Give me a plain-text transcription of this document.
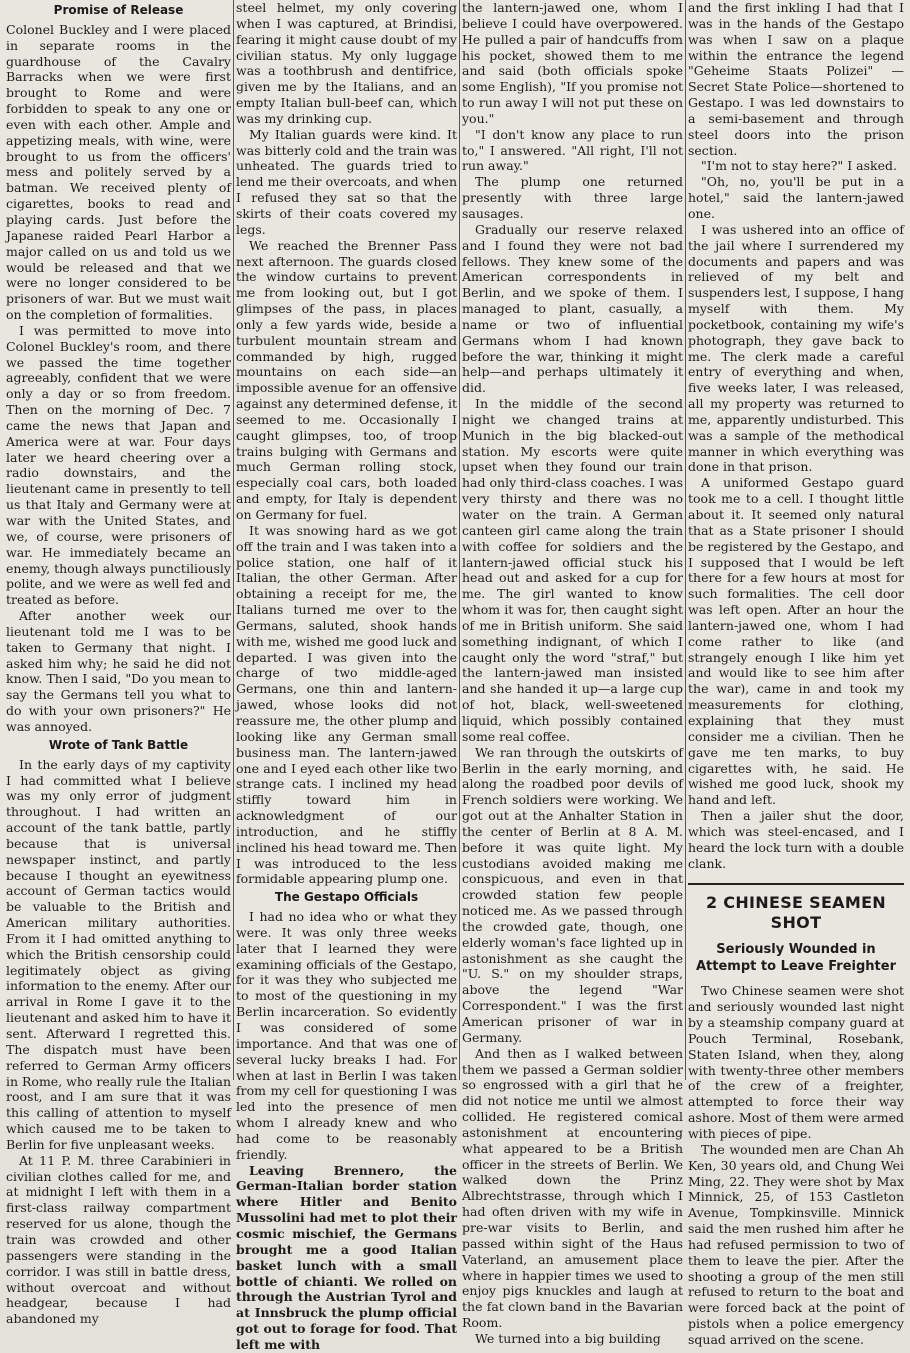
Promise of Release

Colonel Buckley and I were placed in separate rooms in the guardhouse of the Cavalry Barracks when we were first brought to Rome and were forbidden to speak to any one or even with each other. Ample and appetizing meals, with wine, were brought to us from the officers' mess and politely served by a batman. We received plenty of cigarettes, books to read and playing cards. Just before the Japanese raided Pearl Harbor a major called on us and told us we would be released and that we were no longer considered to be prisoners of war. But we must wait on the completion of formalities.

I was permitted to move into Colonel Buckley's room, and there we passed the time together agreeably, confident that we were only a day or so from freedom. Then on the morning of Dec. 7 came the news that Japan and America were at war. Four days later we heard cheering over a radio downstairs, and the lieutenant came in presently to tell us that Italy and Germany were at war with the United States, and we, of course, were prisoners of war. He immediately became an enemy, though always punctiliously polite, and we were as well fed and treated as before.

After another week our lieutenant told me I was to be taken to Germany that night. I asked him why; he said he did not know. Then I said, "Do you mean to say the Germans tell you what to do with your own prisoners?" He was annoyed.

Wrote of Tank Battle

In the early days of my captivity I had committed what I believe was my only error of judgment throughout. I had written an account of the tank battle, partly because that is universal newspaper instinct, and partly because I thought an eyewitness account of German tactics would be valuable to the British and American military authorities. From it I had omitted anything to which the British censorship could legitimately object as giving information to the enemy. After our arrival in Rome I gave it to the lieutenant and asked him to have it sent. Afterward I regretted this. The dispatch must have been referred to German Army officers in Rome, who really rule the Italian roost, and I am sure that it was this calling of attention to myself which caused me to be taken to Berlin for five unpleasant weeks.

At 11 P. M. three Carabinieri in civilian clothes called for me, and at midnight I left with them in a first-class railway compartment reserved for us alone, though the train was crowded and other passengers were standing in the corridor. I was still in battle dress, without overcoat and without headgear, because I had abandoned my

steel helmet, my only covering when I was captured, at Brindisi, fearing it might cause doubt of my civilian status. My only luggage was a toothbrush and dentifrice, given me by the Italians, and an empty Italian bull-beef can, which was my drinking cup.

My Italian guards were kind. It was bitterly cold and the train was unheated. The guards tried to lend me their overcoats, and when I refused they sat so that the skirts of their coats covered my legs.

We reached the Brenner Pass next afternoon. The guards closed the window curtains to prevent me from looking out, but I got glimpses of the pass, in places only a few yards wide, beside a turbulent mountain stream and commanded by high, rugged mountains on each side—an impossible avenue for an offensive against any determined defense, it seemed to me. Occasionally I caught glimpses, too, of troop trains bulging with Germans and much German rolling stock, especially coal cars, both loaded and empty, for Italy is dependent on Germany for fuel.

It was snowing hard as we got off the train and I was taken into a police station, one half of it Italian, the other German. After obtaining a receipt for me, the Italians turned me over to the Germans, saluted, shook hands with me, wished me good luck and departed. I was given into the charge of two middle-aged Germans, one thin and lantern-jawed, whose looks did not reassure me, the other plump and looking like any German small business man. The lantern-jawed one and I eyed each other like two strange cats. I inclined my head stiffly toward him in acknowledgment of our introduction, and he stiffly inclined his head toward me. Then I was introduced to the less formidable appearing plump one.

The Gestapo Officials

I had no idea who or what they were. It was only three weeks later that I learned they were examining officials of the Gestapo, for it was they who subjected me to most of the questioning in my Berlin incarceration. So evidently I was considered of some importance. And that was one of several lucky breaks I had. For when at last in Berlin I was taken from my cell for questioning I was led into the presence of men whom I already knew and who had come to be reasonably friendly.

Leaving Brennero, the German-Italian border station where Hitler and Benito Mussolini had met to plot their cosmic mischief, the Germans brought me a good Italian basket lunch with a small bottle of chianti. We rolled on through the Austrian Tyrol and at Innsbruck the plump official got out to forage for food. That left me with

the lantern-jawed one, whom I believe I could have overpowered. He pulled a pair of handcuffs from his pocket, showed them to me and said (both officials spoke some English), "If you promise not to run away I will not put these on you."

"I don't know any place to run to," I answered. "All right, I'll not run away."

The plump one returned presently with three large sausages.

Gradually our reserve relaxed and I found they were not bad fellows. They knew some of the American correspondents in Berlin, and we spoke of them. I managed to plant, casually, a name or two of influential Germans whom I had known before the war, thinking it might help—and perhaps ultimately it did.

In the middle of the second night we changed trains at Munich in the big blacked-out station. My escorts were quite upset when they found our train had only third-class coaches. I was very thirsty and there was no water on the train. A German canteen girl came along the train with coffee for soldiers and the lantern-jawed official stuck his head out and asked for a cup for me. The girl wanted to know whom it was for, then caught sight of me in British uniform. She said something indignant, of which I caught only the word "straf," but the lantern-jawed man insisted and she handed it up—a large cup of hot, black, well-sweetened liquid, which possibly contained some real coffee.

We ran through the outskirts of Berlin in the early morning, and along the roadbed poor devils of French soldiers were working. We got out at the Anhalter Station in the center of Berlin at 8 A. M. before it was quite light. My custodians avoided making me conspicuous, and even in that crowded station few people noticed me. As we passed through the crowded gate, though, one elderly woman's face lighted up in astonishment as she caught the "U. S." on my shoulder straps, above the legend "War Correspondent." I was the first American prisoner of war in Germany.

And then as I walked between them we passed a German soldier so engrossed with a girl that he did not notice me until we almost collided. He registered comical astonishment at encountering what appeared to be a British officer in the streets of Berlin. We walked down the Prinz Albrechtstrasse, through which I had often driven with my wife in pre-war visits to Berlin, and passed within sight of the Haus Vaterland, an amusement place where in happier times we used to enjoy pigs knuckles and laugh at the fat clown band in the Bavarian Room.

We turned into a big building

and the first inkling I had that I was in the hands of the Gestapo was when I saw on a plaque within the entrance the legend "Geheime Staats Polizei" — Secret State Police—shortened to Gestapo. I was led downstairs to a semi-basement and through steel doors into the prison section.

"I'm not to stay here?" I asked.

"Oh, no, you'll be put in a hotel," said the lantern-jawed one.

I was ushered into an office of the jail where I surrendered my documents and papers and was relieved of my belt and suspenders lest, I suppose, I hang myself with them. My pocketbook, containing my wife's photograph, they gave back to me. The clerk made a careful entry of everything and when, five weeks later, I was released, all my property was returned to me, apparently undisturbed. This was a sample of the methodical manner in which everything was done in that prison.

A uniformed Gestapo guard took me to a cell. I thought little about it. It seemed only natural that as a State prisoner I should be registered by the Gestapo, and I supposed that I would be left there for a few hours at most for such formalities. The cell door was left open. After an hour the lantern-jawed one, whom I had come rather to like (and strangely enough I like him yet and would like to see him after the war), came in and took my measurements for clothing, explaining that they must consider me a civilian. Then he gave me ten marks, to buy cigarettes with, he said. He wished me good luck, shook my hand and left.

Then a jailer shut the door, which was steel-encased, and I heard the lock turn with a double clank.

2 CHINESE SEAMEN SHOT
Seriously Wounded in Attempt to Leave Freighter

Two Chinese seamen were shot and seriously wounded last night by a steamship company guard at Pouch Terminal, Rosebank, Staten Island, when they, along with twenty-three other members of the crew of a freighter, attempted to force their way ashore. Most of them were armed with pieces of pipe.

The wounded men are Chan Ah Ken, 30 years old, and Chung Wei Ming, 22. They were shot by Max Minnick, 25, of 153 Castleton Avenue, Tompkinsville. Minnick said the men rushed him after he had refused permission to two of them to leave the pier. After the shooting a group of the men still refused to return to the boat and were forced back at the point of pistols when a police emergency squad arrived on the scene.
